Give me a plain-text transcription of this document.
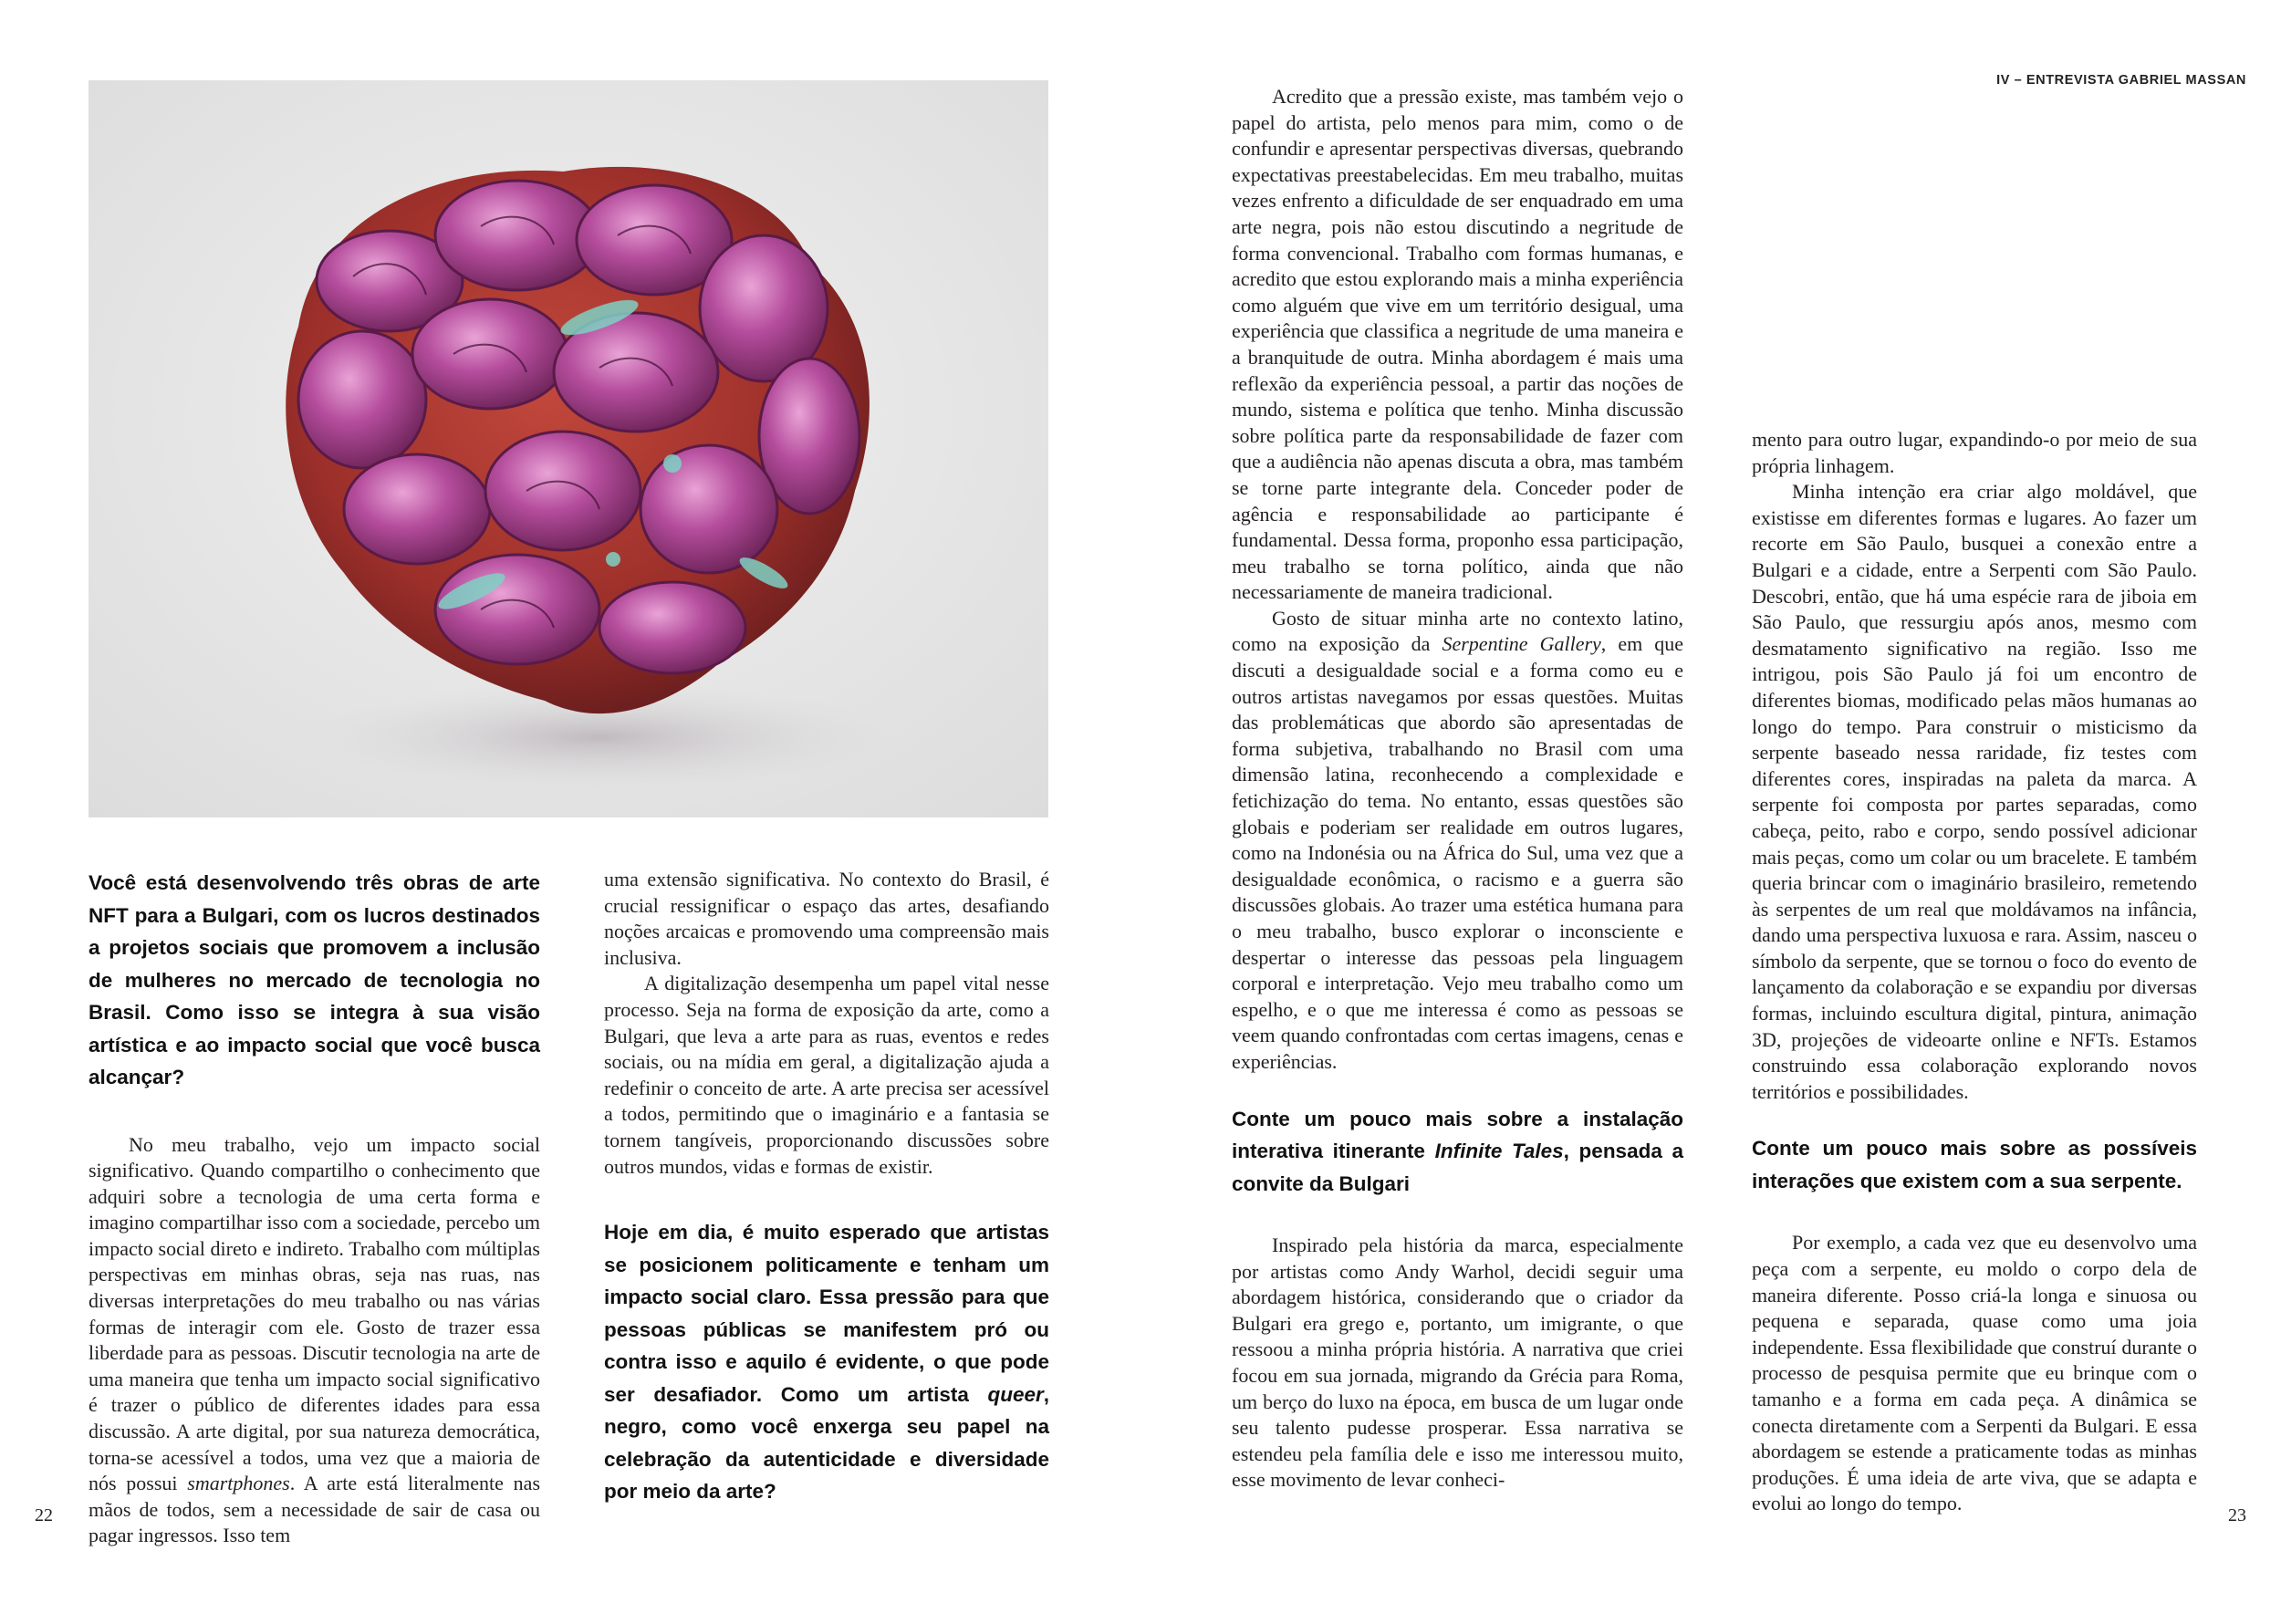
Você está desenvolvendo três obras de arte NFT para a Bulgari, com os lucros destinados a projetos sociais que promovem a inclusão de mulheres no mercado de tecnologia no Brasil. Como isso se integra à sua visão artística e ao impacto social que você busca alcançar?

No meu trabalho, vejo um impacto social significativo. Quando compartilho o conhecimento que adquiri sobre a tecnologia de uma certa forma e imagino compartilhar isso com a sociedade, percebo um impacto social direto e indireto. Trabalho com múltiplas perspectivas em minhas obras, seja nas ruas, nas diversas interpretações do meu trabalho ou nas várias formas de interagir com ele. Gosto de trazer essa liberdade para as pessoas. Discutir tecnologia na arte de uma maneira que tenha um impacto social significativo é trazer o público de diferentes idades para essa discussão. A arte digital, por sua natureza democrática, torna-se acessível a todos, uma vez que a maioria de nós possui smartphones. A arte está literalmente nas mãos de todos, sem a necessidade de sair de casa ou pagar ingressos. Isso tem

uma extensão significativa. No contexto do Brasil, é crucial ressignificar o espaço das artes, desafiando noções arcaicas e promovendo uma compreensão mais inclusiva.

A digitalização desempenha um papel vital nesse processo. Seja na forma de exposição da arte, como a Bulgari, que leva a arte para as ruas, eventos e redes sociais, ou na mídia em geral, a digitalização ajuda a redefinir o conceito de arte. A arte precisa ser acessível a todos, permitindo que o imaginário e a fantasia se tornem tangíveis, proporcionando discussões sobre outros mundos, vidas e formas de existir.

Hoje em dia, é muito esperado que artistas se posicionem politicamente e tenham um impacto social claro. Essa pressão para que pessoas públicas se manifestem pró ou contra isso e aquilo é evidente, o que pode ser desafiador. Como um artista queer, negro, como você enxerga seu papel na celebração da autenticidade e diversidade por meio da arte?

22
IV – ENTREVISTA GABRIEL MASSAN

Acredito que a pressão existe, mas também vejo o papel do artista, pelo menos para mim, como o de confundir e apresentar perspectivas diversas, quebrando expectativas preestabelecidas. Em meu trabalho, muitas vezes enfrento a dificuldade de ser enquadrado em uma arte negra, pois não estou discutindo a negritude de forma convencional. Trabalho com formas humanas, e acredito que estou explorando mais a minha experiência como alguém que vive em um território desigual, uma experiência que classifica a negritude de uma maneira e a branquitude de outra. Minha abordagem é mais uma reflexão da experiência pessoal, a partir das noções de mundo, sistema e política que tenho. Minha discussão sobre política parte da responsabilidade de fazer com que a audiência não apenas discuta a obra, mas também se torne parte integrante dela. Conceder poder de agência e responsabilidade ao participante é fundamental. Dessa forma, proponho essa participação, meu trabalho se torna político, ainda que não necessariamente de maneira tradicional.

Gosto de situar minha arte no contexto latino, como na exposição da Serpentine Gallery, em que discuti a desigualdade social e a forma como eu e outros artistas navegamos por essas questões. Muitas das problemáticas que abordo são apresentadas de forma subjetiva, trabalhando no Brasil com uma dimensão latina, reconhecendo a complexidade e fetichização do tema. No entanto, essas questões são globais e poderiam ser realidade em outros lugares, como na Indonésia ou na África do Sul, uma vez que a desigualdade econômica, o racismo e a guerra são discussões globais. Ao trazer uma estética humana para o meu trabalho, busco explorar o inconsciente e despertar o interesse das pessoas pela linguagem corporal e interpretação. Vejo meu trabalho como um espelho, e o que me interessa é como as pessoas se veem quando confrontadas com certas imagens, cenas e experiências.

Conte um pouco mais sobre a instalação interativa itinerante Infinite Tales, pensada a convite da Bulgari

Inspirado pela história da marca, especialmente por artistas como Andy Warhol, decidi seguir uma abordagem histórica, considerando que o criador da Bulgari era grego e, portanto, um imigrante, o que ressoou a minha própria história. A narrativa que criei focou em sua jornada, migrando da Grécia para Roma, um berço do luxo na época, em busca de um lugar onde seu talento pudesse prosperar. Essa narrativa se estendeu pela família dele e isso me interessou muito, esse movimento de levar conheci-

mento para outro lugar, expandindo-o por meio de sua própria linhagem.

Minha intenção era criar algo moldável, que existisse em diferentes formas e lugares. Ao fazer um recorte em São Paulo, busquei a conexão entre a Bulgari e a cidade, entre a Serpenti com São Paulo. Descobri, então, que há uma espécie rara de jiboia em São Paulo, que ressurgiu após anos, mesmo com desmatamento significativo na região. Isso me intrigou, pois São Paulo já foi um encontro de diferentes biomas, modificado pelas mãos humanas ao longo do tempo. Para construir o misticismo da serpente baseado nessa raridade, fiz testes com diferentes cores, inspiradas na paleta da marca. A serpente foi composta por partes separadas, como cabeça, peito, rabo e corpo, sendo possível adicionar mais peças, como um colar ou um bracelete. E também queria brincar com o imaginário brasileiro, remetendo às serpentes de um real que moldávamos na infância, dando uma perspectiva luxuosa e rara. Assim, nasceu o símbolo da serpente, que se tornou o foco do evento de lançamento da colaboração e se expandiu por diversas formas, incluindo escultura digital, pintura, animação 3D, projeções de videoarte online e NFTs. Estamos construindo essa colaboração explorando novos territórios e possibilidades.

Conte um pouco mais sobre as possíveis interações que existem com a sua serpente.

Por exemplo, a cada vez que eu desenvolvo uma peça com a serpente, eu moldo o corpo dela de maneira diferente. Posso criá-la longa e sinuosa ou pequena e separada, quase como uma joia independente. Essa flexibilidade que construí durante o processo de pesquisa permite que eu brinque com o tamanho e a forma em cada peça. A dinâmica se conecta diretamente com a Serpenti da Bulgari. E essa abordagem se estende a praticamente todas as minhas produções. É uma ideia de arte viva, que se adapta e evolui ao longo do tempo.

23
